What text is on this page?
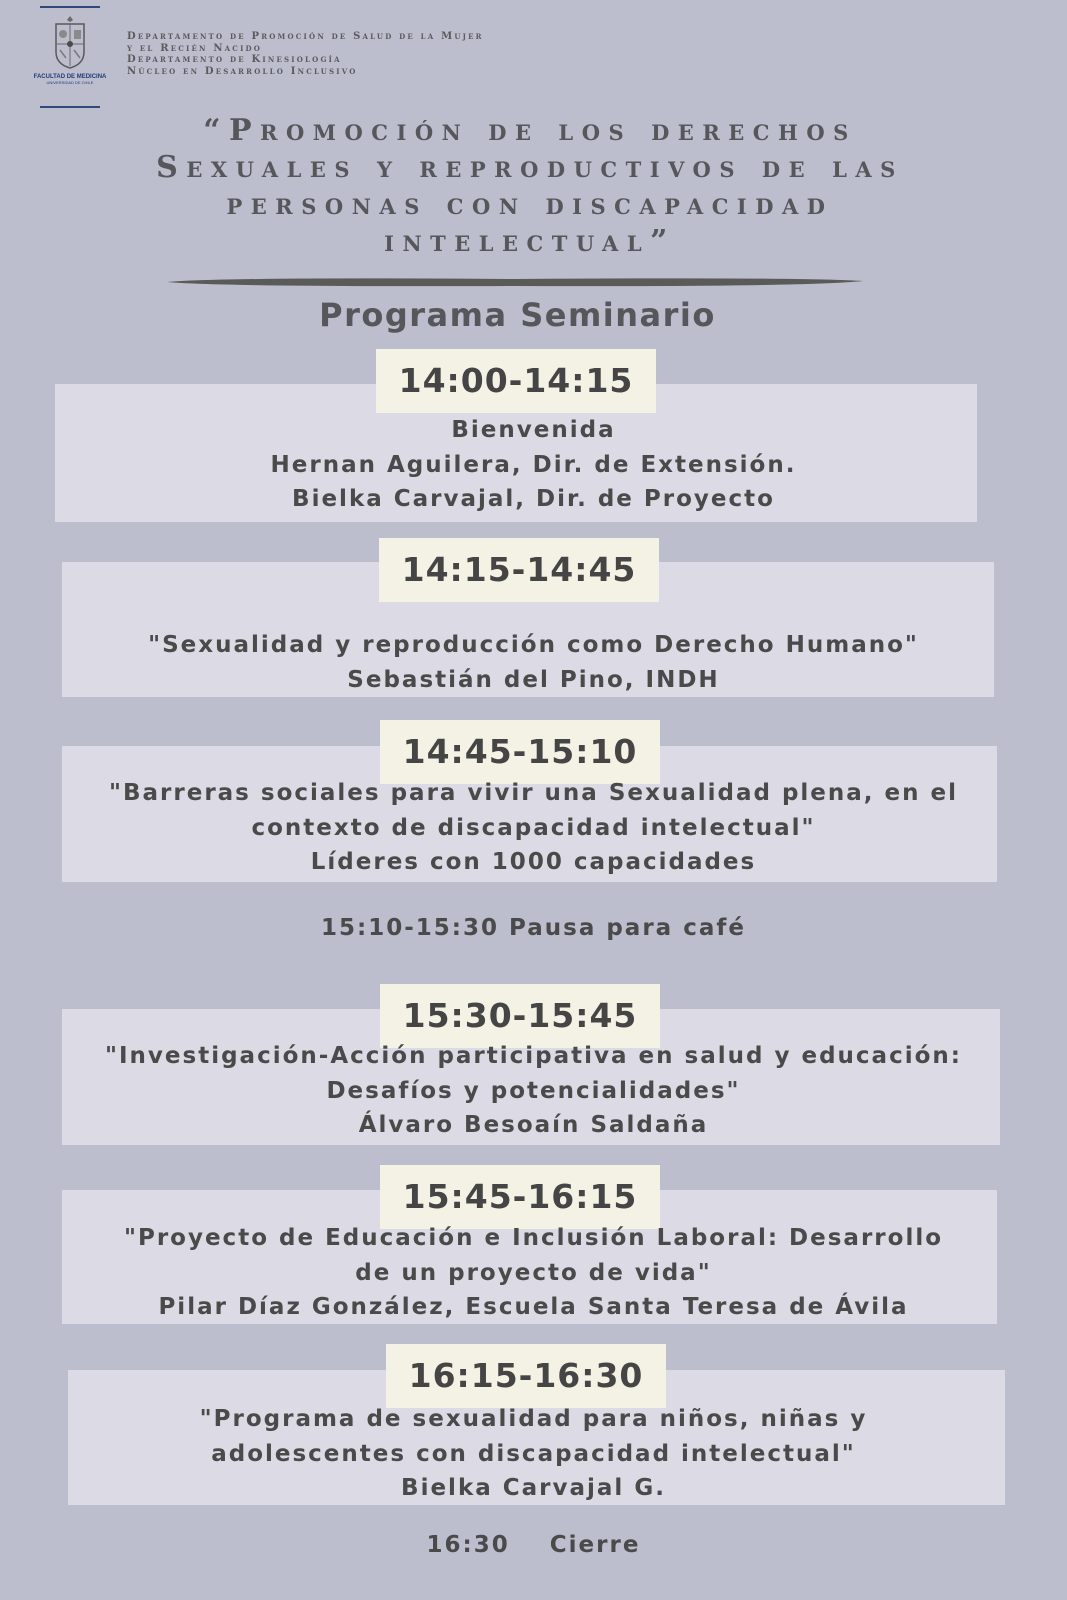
FACULTAD DE MEDICINA
UNIVERSIDAD DE CHILE
Departamento de Promoción de Salud de la Mujer
y el Recién Nacido
Departamento de Kinesiología
Núcleo en Desarrollo Inclusivo
“Promoción de los derechos
Sexuales y reproductivos de las
personas con discapacidad
intelectual”
Programa Seminario
14:00-14:15
Bienvenida
Hernan Aguilera, Dir. de Extensión.
Bielka Carvajal, Dir. de Proyecto
14:15-14:45
"Sexualidad y reproducción como Derecho Humano"
Sebastián del Pino, INDH
14:45-15:10
"Barreras sociales para vivir una Sexualidad plena, en el
contexto de discapacidad intelectual"
Líderes con 1000 capacidades
15:10-15:30 Pausa para café
15:30-15:45
"Investigación-Acción participativa en salud y educación:
Desafíos y potencialidades"
Álvaro Besoaín Saldaña
15:45-16:15
"Proyecto de Educación e Inclusión Laboral: Desarrollo
de un proyecto de vida"
Pilar Díaz González, Escuela Santa Teresa de Ávila
16:15-16:30
"Programa de sexualidad para niños, niñas y
adolescentes con discapacidad intelectual"
Bielka Carvajal G.
16:30    Cierre
